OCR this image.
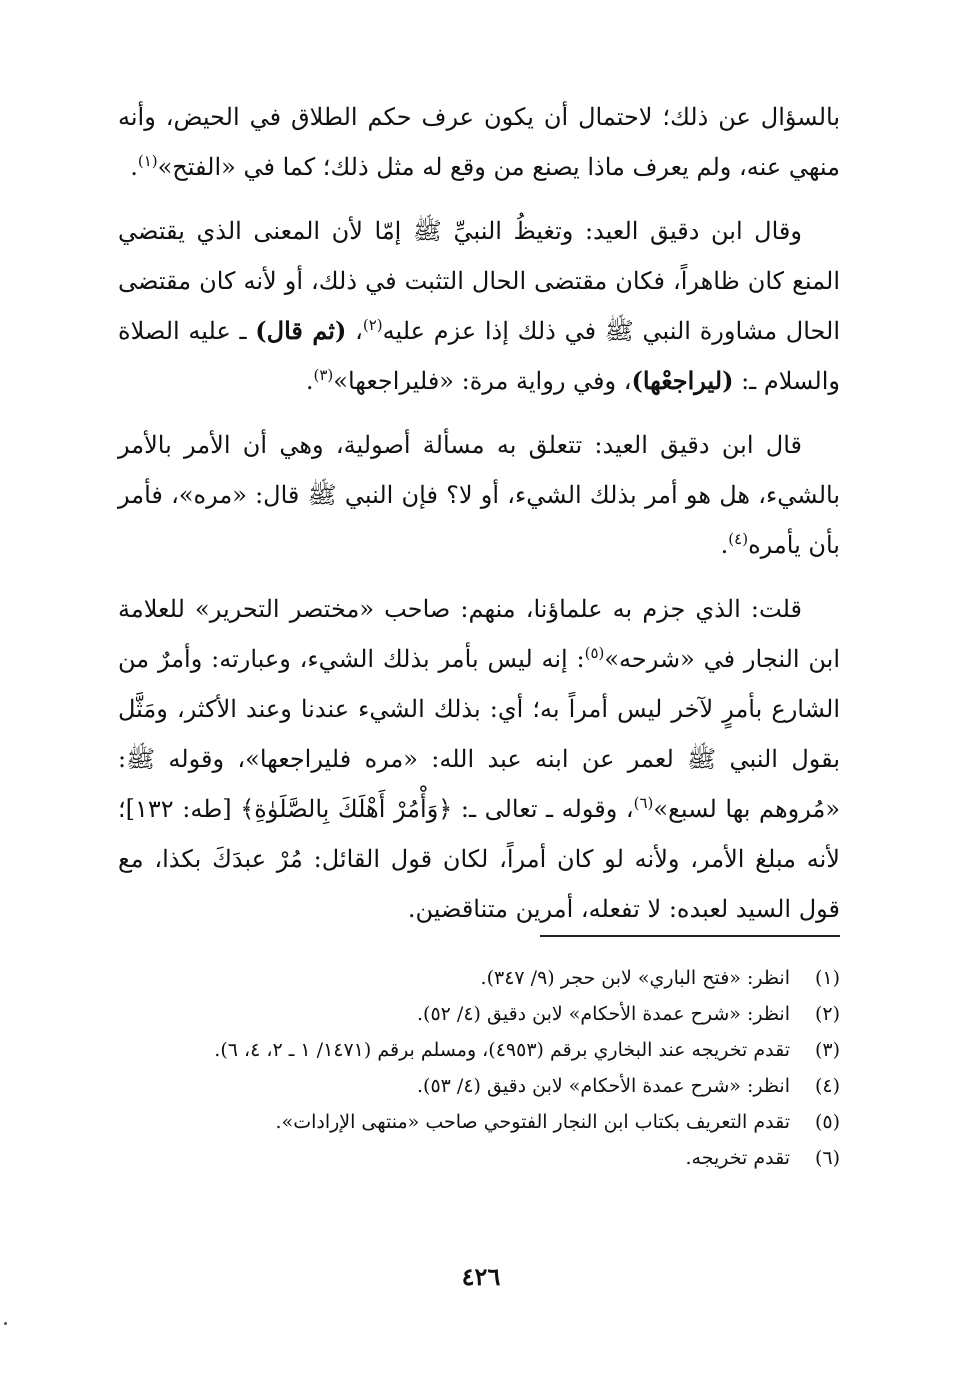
بالسؤال عن ذلك؛ لاحتمال أن يكون عرف حكم الطلاق في الحيض، وأنه منهي عنه، ولم يعرف ماذا يصنع من وقع له مثل ذلك؛ كما في «الفتح»$^{(١)}$.

وقال ابن دقيق العيد: وتغيظُ النبيِّ ﷺ إمّا لأن المعنى الذي يقتضي المنع كان ظاهراً، فكان مقتضى الحال التثبت في ذلك، أو لأنه كان مقتضى الحال مشاورة النبي ﷺ في ذلك إذا عزم عليه$^{(٢)}$، (ثم قال) ـ عليه الصلاة والسلام ـ: (ليراجعْها)، وفي رواية مرة: «فليراجعها»$^{(٣)}$.

قال ابن دقيق العيد: تتعلق به مسألة أصولية، وهي أن الأمر بالأمر بالشيء، هل هو أمر بذلك الشيء، أو لا؟ فإن النبي ﷺ قال: «مره»، فأمر بأن يأمره$^{(٤)}$.

قلت: الذي جزم به علماؤنا، منهم: صاحب «مختصر التحرير» للعلامة ابن النجار في «شرحه»$^{(٥)}$: إنه ليس بأمر بذلك الشيء، وعبارته: وأمرٌ من الشارع بأمرٍ لآخر ليس أمراً به؛ أي: بذلك الشيء عندنا وعند الأكثر، ومَثَّل بقول النبي ﷺ لعمر عن ابنه عبد الله: «مره فليراجعها»، وقوله ﷺ: «مُروهم بها لسبع»$^{(٦)}$، وقوله ـ تعالى ـ: ﴿وَأْمُرْ أَهْلَكَ بِالصَّلَوٰةِ﴾ [طه: ١٣٢]؛ لأنه مبلغ الأمر، ولأنه لو كان أمراً، لكان قول القائل: مُرْ عبدَكَ بكذا، مع قول السيد لعبده: لا تفعله، أمرين متناقضين.

(١)
انظر: «فتح الباري» لابن حجر (٩/ ٣٤٧).
(٢)
انظر: «شرح عمدة الأحكام» لابن دقيق (٤/ ٥٢).
(٣)
تقدم تخريجه عند البخاري برقم (٤٩٥٣)، ومسلم برقم (١٤٧١/ ١ ـ ٢، ٤، ٦).
(٤)
انظر: «شرح عمدة الأحكام» لابن دقيق (٤/ ٥٣).
(٥)
تقدم التعريف بكتاب ابن النجار الفتوحي صاحب «منتهى الإرادات».
(٦)
تقدم تخريجه.
٤٢٦
